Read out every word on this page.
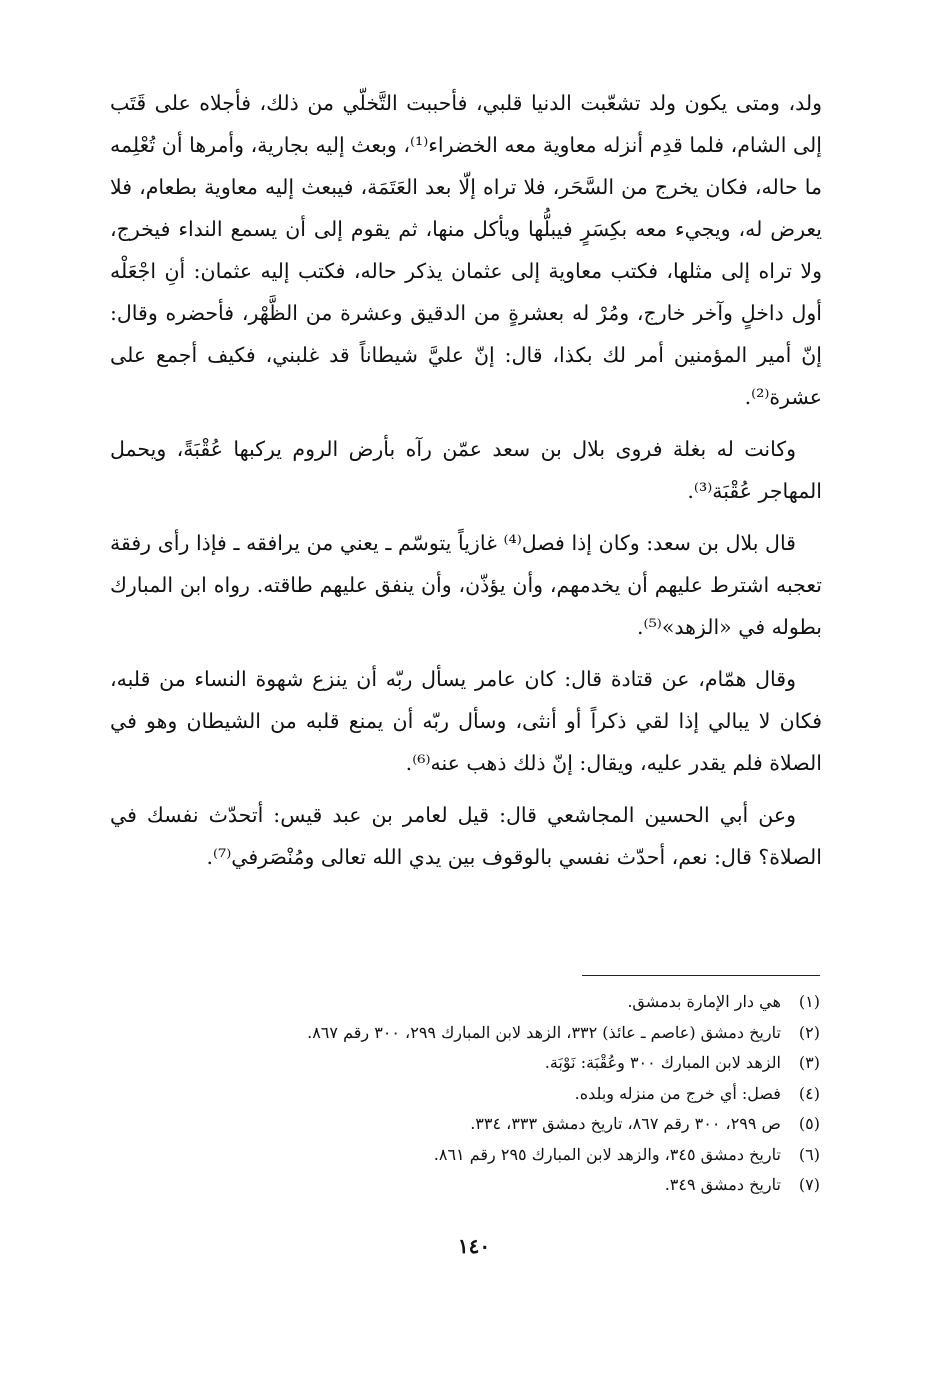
ولد، ومتى يكون ولد تشعّبت الدنيا قلبي، فأحببت التَّخلّي من ذلك، فأجلاه على قَتَب إلى الشام، فلما قدِم أنزله معاوية معه الخضراء⁽¹⁾، وبعث إليه بجارية، وأمرها أن تُعْلِمه ما حاله، فكان يخرج من السَّحَر، فلا تراه إلّا بعد العَتَمَة، فيبعث إليه معاوية بطعام، فلا يعرض له، ويجيء معه بكِسَرٍ فيبلُّها ويأكل منها، ثم يقوم إلى أن يسمع النداء فيخرج، ولا تراه إلى مثلها، فكتب معاوية إلى عثمان يذكر حاله، فكتب إليه عثمان: أنِ اجْعَلْه أول داخلٍ وآخر خارج، ومُرْ له بعشرةٍ من الدقيق وعشرة من الظَّهْر، فأحضره وقال: إنّ أمير المؤمنين أمر لك بكذا، قال: إنّ عليَّ شيطاناً قد غلبني، فكيف أجمع على عشرة⁽²⁾.

وكانت له بغلة فروى بلال بن سعد عمّن رآه بأرض الروم يركبها عُقْبَةً، ويحمل المهاجر عُقْبَة⁽³⁾.

قال بلال بن سعد: وكان إذا فصل⁽⁴⁾ غازياً يتوسّم ـ يعني من يرافقه ـ فإذا رأى رفقة تعجبه اشترط عليهم أن يخدمهم، وأن يؤذّن، وأن ينفق عليهم طاقته. رواه ابن المبارك بطوله في «الزهد»⁽⁵⁾.

وقال همّام، عن قتادة قال: كان عامر يسأل ربّه أن ينزع شهوة النساء من قلبه، فكان لا يبالي إذا لقي ذكراً أو أنثى، وسأل ربّه أن يمنع قلبه من الشيطان وهو في الصلاة فلم يقدر عليه، ويقال: إنّ ذلك ذهب عنه⁽⁶⁾.

وعن أبي الحسين المجاشعي قال: قيل لعامر بن عبد قيس: أتحدّث نفسك في الصلاة؟ قال: نعم، أحدّث نفسي بالوقوف بين يدي الله تعالى ومُنْصَرفي⁽⁷⁾.

(١) هي دار الإمارة بدمشق.
(٢) تاريخ دمشق (عاصم ـ عائذ) ٣٣٢، الزهد لابن المبارك ٢٩٩، ٣٠٠ رقم ٨٦٧.
(٣) الزهد لابن المبارك ٣٠٠ وعُقْبَة: نَوْبَة.
(٤) فصل: أي خرج من منزله وبلده.
(٥) ص ٢٩٩، ٣٠٠ رقم ٨٦٧، تاريخ دمشق ٣٣٣، ٣٣٤.
(٦) تاريخ دمشق ٣٤٥، والزهد لابن المبارك ٢٩٥ رقم ٨٦١.
(٧) تاريخ دمشق ٣٤٩.
١٤٠
